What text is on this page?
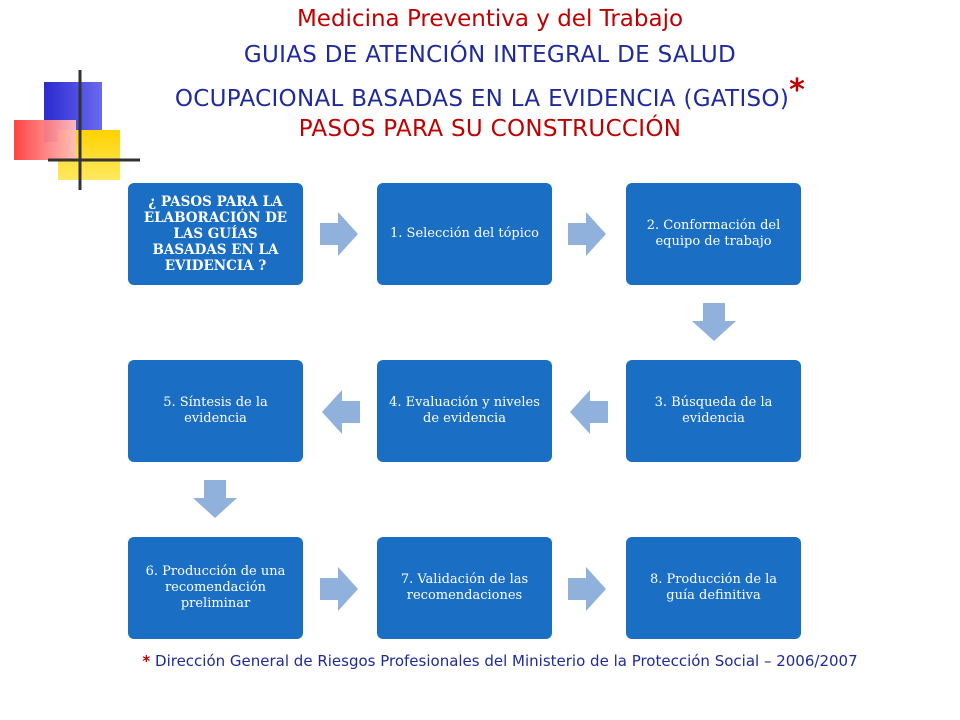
Medicina Preventiva y del Trabajo
GUIAS DE ATENCIÓN INTEGRAL DE SALUD
OCUPACIONAL BASADAS EN LA EVIDENCIA (GATISO)*
PASOS PARA SU CONSTRUCCIÓN
¿ PASOS PARA LA ELABORACIÓN DE LAS GUÍAS BASADAS EN LA EVIDENCIA ?
1. Selección del tópico
2. Conformación del equipo de trabajo
5. Síntesis de la evidencia
4. Evaluación y niveles de evidencia
3. Búsqueda de la evidencia
6. Producción de una recomendación preliminar
7. Validación de las recomendaciones
8. Producción de la guía definitiva
* Dirección General de Riesgos Profesionales del Ministerio de la Protección Social – 2006/2007
